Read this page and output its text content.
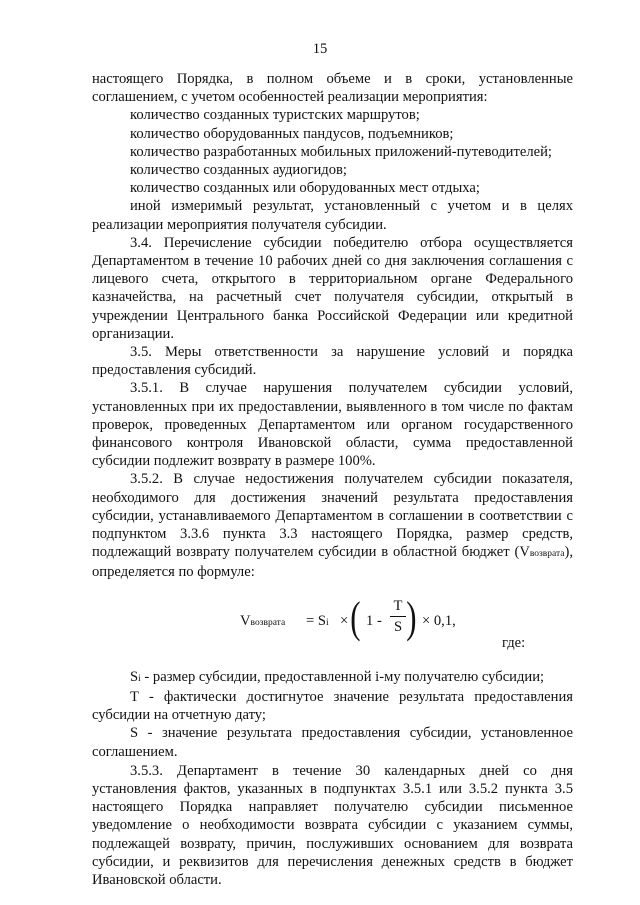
15

настоящего Порядка, в полном объеме и в сроки, установленные соглашением, с учетом особенностей реализации мероприятия:

количество созданных туристских маршрутов;

количество оборудованных пандусов, подъемников;

количество разработанных мобильных приложений-путеводителей;

количество созданных аудиогидов;

количество созданных или оборудованных мест отдыха;

иной измеримый результат, установленный с учетом и в целях реализации мероприятия получателя субсидии.

3.4. Перечисление субсидии победителю отбора осуществляется Департаментом в течение 10 рабочих дней со дня заключения соглашения с лицевого счета, открытого в территориальном органе Федерального казначейства, на расчетный счет получателя субсидии, открытый в учреждении Центрального банка Российской Федерации или кредитной организации.

3.5. Меры ответственности за нарушение условий и порядка предоставления субсидий.

3.5.1. В случае нарушения получателем субсидии условий, установленных при их предоставлении, выявленного в том числе по фактам проверок, проведенных Департаментом или органом государственного финансового контроля Ивановской области, сумма предоставленной субсидии подлежит возврату в размере 100%.

3.5.2. В случае недостижения получателем субсидии показателя, необходимого для достижения значений результата предоставления субсидии, устанавливаемого Департаментом в соглашении в соответствии с подпунктом 3.3.6 пункта 3.3 настоящего Порядка, размер средств, подлежащий возврату получателем субсидии в областной бюджет (Vвозврата), определяется по формуле:

Vвозврата = Si × ( 1 -
T
S ) × 0,1,
где:

Si - размер субсидии, предоставленной i-му получателю субсидии;

Т - фактически достигнутое значение результата предоставления субсидии на отчетную дату;

S - значение результата предоставления субсидии, установленное соглашением.

3.5.3. Департамент в течение 30 календарных дней со дня установления фактов, указанных в подпунктах 3.5.1 или 3.5.2 пункта 3.5 настоящего Порядка направляет получателю субсидии письменное уведомление о необходимости возврата субсидии с указанием суммы, подлежащей возврату, причин, послуживших основанием для возврата субсидии, и реквизитов для перечисления денежных средств в бюджет Ивановской области.
